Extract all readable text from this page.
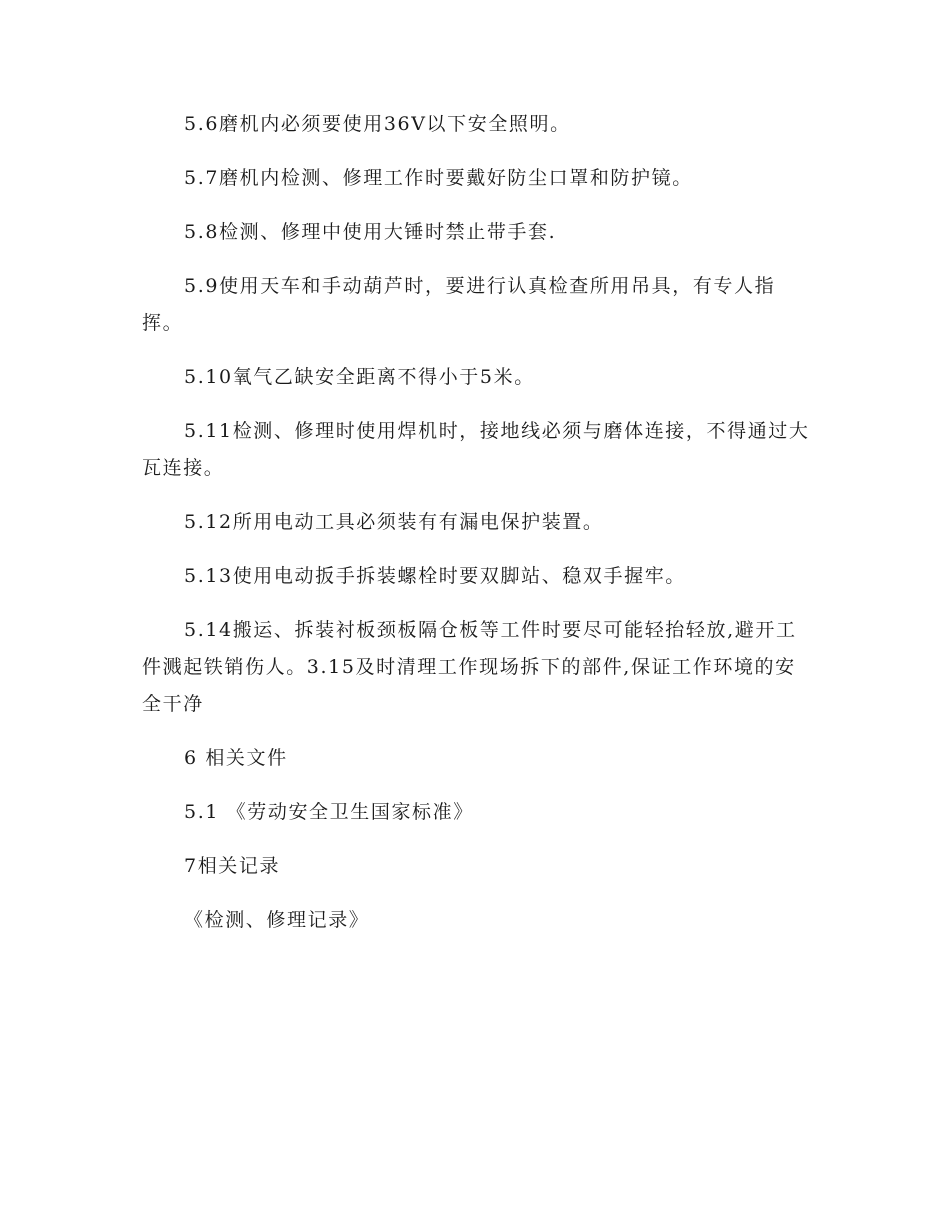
5.6磨机内必须要使用36V以下安全照明。

5.7磨机内检测、修理工作时要戴好防尘口罩和防护镜。

5.8检测、修理中使用大锤时禁止带手套.

5.9使用天车和手动葫芦时，要进行认真检查所用吊具，有专人指挥。

5.10氧气乙缺安全距离不得小于5米。

5.11检测、修理时使用焊机时，接地线必须与磨体连接，不得通过大瓦连接。

5.12所用电动工具必须装有有漏电保护装置。

5.13使用电动扳手拆装螺栓时要双脚站、稳双手握牢。

5.14搬运、拆装衬板颈板隔仓板等工件时要尽可能轻抬轻放,避开工件溅起铁销伤人。3.15及时清理工作现场拆下的部件,保证工作环境的安全干净

6 相关文件

5.1 《劳动安全卫生国家标准》

7相关记录

《检测、修理记录》
